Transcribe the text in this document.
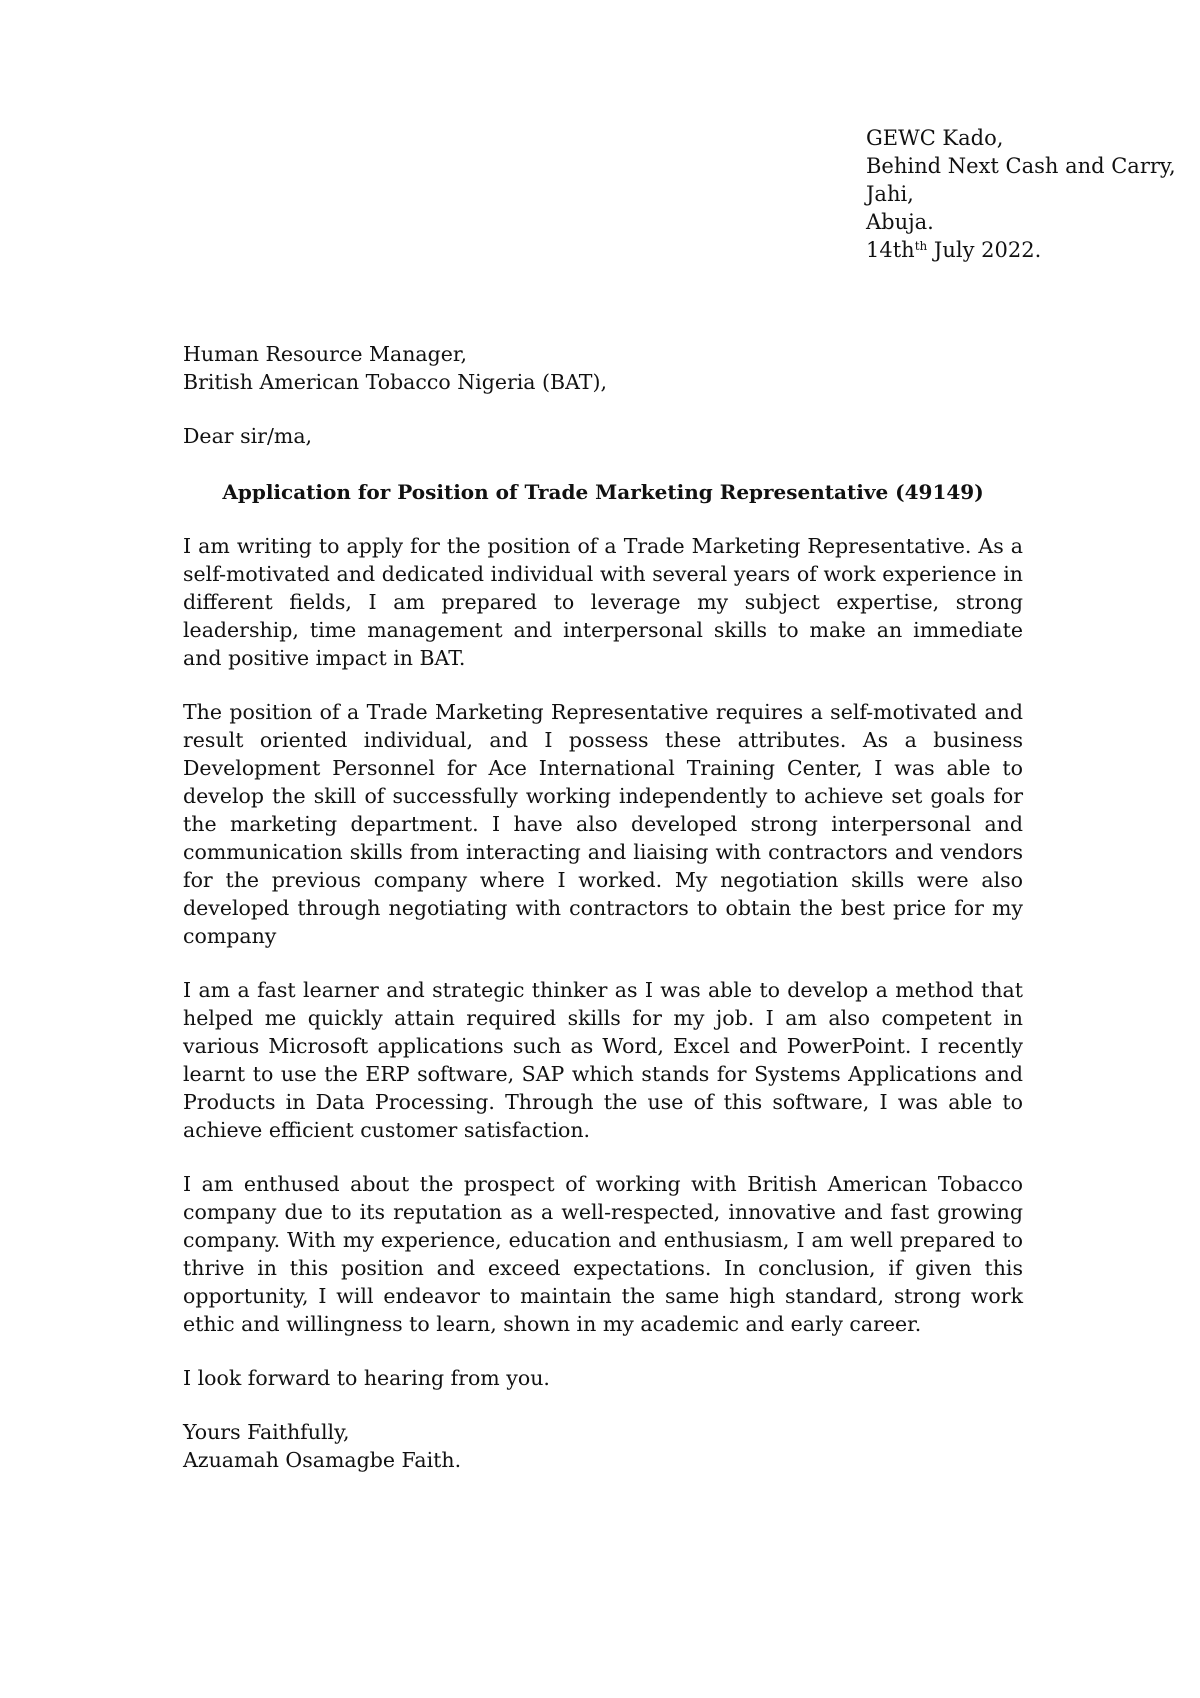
GEWC Kado,
Behind Next Cash and Carry,
Jahi,
Abuja.
$14th^{th}$ July 2022.
Human Resource Manager,
British American Tobacco Nigeria (BAT),
Dear sir/ma,
Application for Position of Trade Marketing Representative (49149)
I am writing to apply for the position of a Trade Marketing Representative. As a self-motivated and dedicated individual with several years of work experience in different fields, I am prepared to leverage my subject expertise, strong leadership, time management and interpersonal skills to make an immediate and positive impact in BAT.
The position of a Trade Marketing Representative requires a self-motivated and result oriented individual, and I possess these attributes. As a business Development Personnel for Ace International Training Center, I was able to develop the skill of successfully working independently to achieve set goals for the marketing department. I have also developed strong interpersonal and communication skills from interacting and liaising with contractors and vendors for the previous company where I worked. My negotiation skills were also developed through negotiating with contractors to obtain the best price for my company
I am a fast learner and strategic thinker as I was able to develop a method that helped me quickly attain required skills for my job. I am also competent in various Microsoft applications such as Word, Excel and PowerPoint. I recently learnt to use the ERP software, SAP which stands for Systems Applications and Products in Data Processing. Through the use of this software, I was able to achieve efficient customer satisfaction.
I am enthused about the prospect of working with British American Tobacco company due to its reputation as a well-respected, innovative and fast growing company. With my experience, education and enthusiasm, I am well prepared to thrive in this position and exceed expectations. In conclusion, if given this opportunity, I will endeavor to maintain the same high standard, strong work ethic and willingness to learn, shown in my academic and early career.
I look forward to hearing from you.
Yours Faithfully,
Azuamah Osamagbe Faith.
